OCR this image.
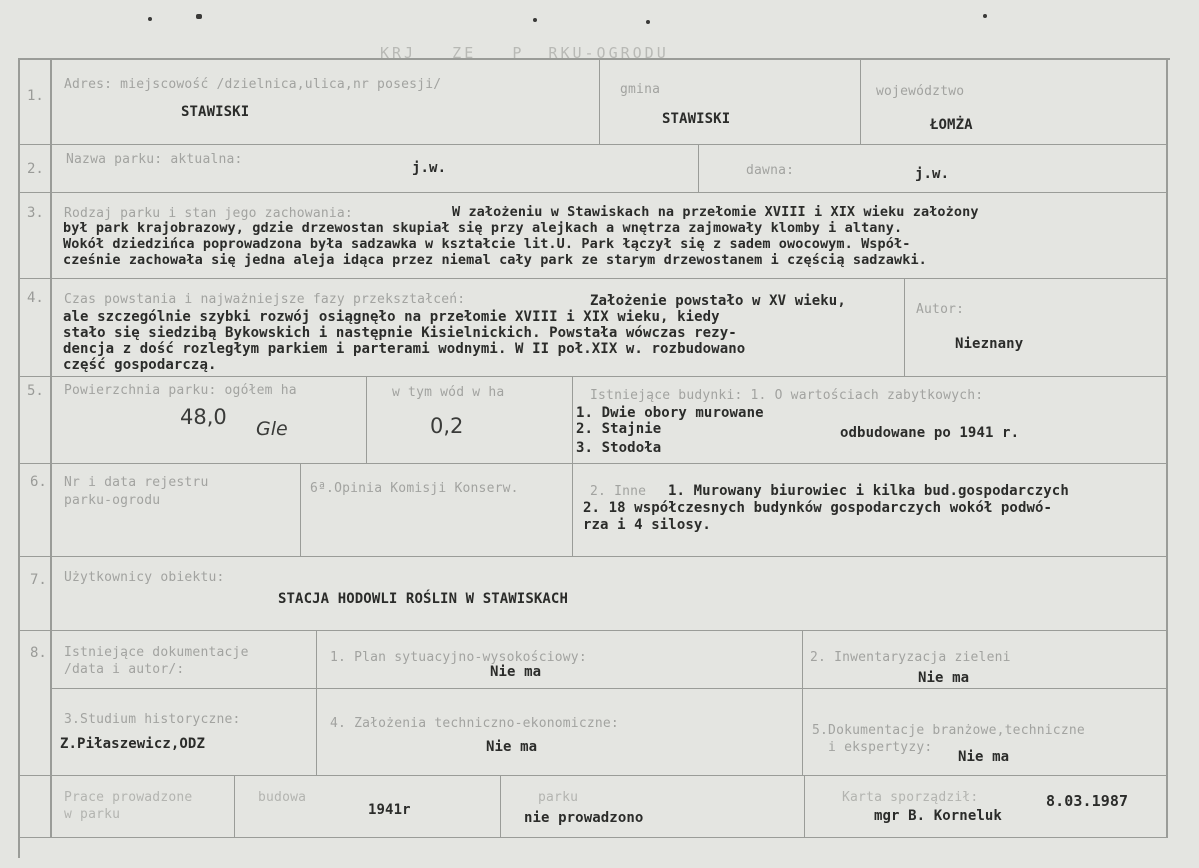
KRJ   ZE   P  RKU-OGRODU
1.
Adres: miejscowość /dzielnica,ulica,nr posesji/
STAWISKI
gmina
STAWISKI
województwo
ŁOMŻA
2.
Nazwa parku: aktualna:
j.w.	dawna:	j.w.
3. Rodzaj parku i stan jego zachowania:	W założeniu w Stawiskach na przełomie XVIII i XIX wieku założony
był park krajobrazowy, gdzie drzewostan skupiał się przy alejkach a wnętrza zajmowały klomby i altany.
Wokół dziedzińca poprowadzona była sadzawka w kształcie lit.U. Park łączył się z sadem owocowym. Współ-
cześnie zachowała się jedna aleja idąca przez niemal cały park ze starym drzewostanem i częścią sadzawki.
4. Czas powstania i najważniejsze fazy przekształceń:	Założenie powstało w XV wieku,
ale szczególnie szybki rozwój osiągnęło na przełomie XVIII i XIX wieku, kiedy
stało się siedzibą Bykowskich i następnie Kisielnickich. Powstała wówczas rezy-
dencja z dość rozległym parkiem i parterami wodnymi. W II poł.XIX w. rozbudowano
część gospodarczą.
Autor:
Nieznany
5. Powierzchnia parku: ogółem ha
48,0 Gle
w tym wód w ha
0,2
Istniejące budynki: 1. O wartościach zabytkowych:
1. Dwie obory murowane
2. Stajnie
3. Stodoła
odbudowane po 1941 r.
6. Nr i data rejestru
parku-ogrodu
6ª.Opinia Komisji Konserw.	2. Inne 1. Murowany biurowiec i kilka bud.gospodarczych
2. 18 współczesnych budynków gospodarczych wokół podwó-
rza i 4 silosy.
7. Użytkownicy obiektu:
STACJA HODOWLI ROŚLIN W STAWISKACH
8. Istniejące dokumentacje
/data i autor/:
1. Plan sytuacyjno-wysokościowy:
Nie ma
2. Inwentaryzacja zieleni
Nie ma
3.Studium historyczne:
Z.Piłaszewicz,ODZ
4. Założenia techniczno-ekonomiczne:
Nie ma
5.Dokumentacje branżowe,techniczne
i ekspertyzy:
Nie ma
Prace prowadzone
w parku
budowa
1941r
parku
nie prowadzono
Karta sporządził:	8.03.1987
mgr B. Korneluk
